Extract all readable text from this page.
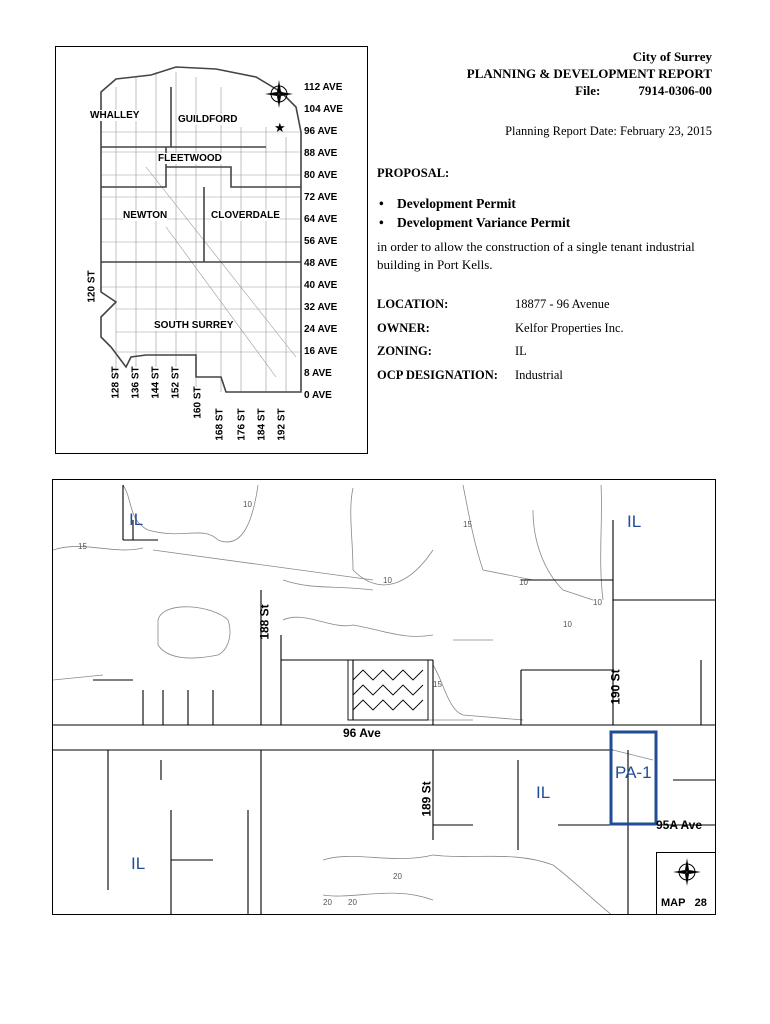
★
112 AVE
104 AVE
96 AVE
88 AVE
80 AVE
72 AVE
64 AVE
56 AVE
48 AVE
40 AVE
32 AVE
24 AVE
16 AVE
8 AVE
0 AVE
120 ST
128 ST 136 ST 144 ST 152 ST
160 ST
168 ST 176 ST 184 ST 192 ST
WHALLEY	GUILDFORD
FLEETWOOD
NEWTON	CLOVERDALE
SOUTH SURREY
City of Surrey
PLANNING & DEVELOPMENT REPORT
File:	7914-0306-00
Planning Report Date: February 23, 2015
PROPOSAL:
• Development Permit
• Development Variance Permit
in order to allow the construction of a single tenant industrial building in Port Kells.
LOCATION:	18877 - 96 Avenue
OWNER:	Kelfor Properties Inc.
ZONING:	IL
OCP DESIGNATION: Industrial
IL	IL
IL
IL
PA-1
188 St
190 St
96 Ave
189 St
95A Ave
10
10
10
15
15
15
20 20
20
10
10
MAP 28
